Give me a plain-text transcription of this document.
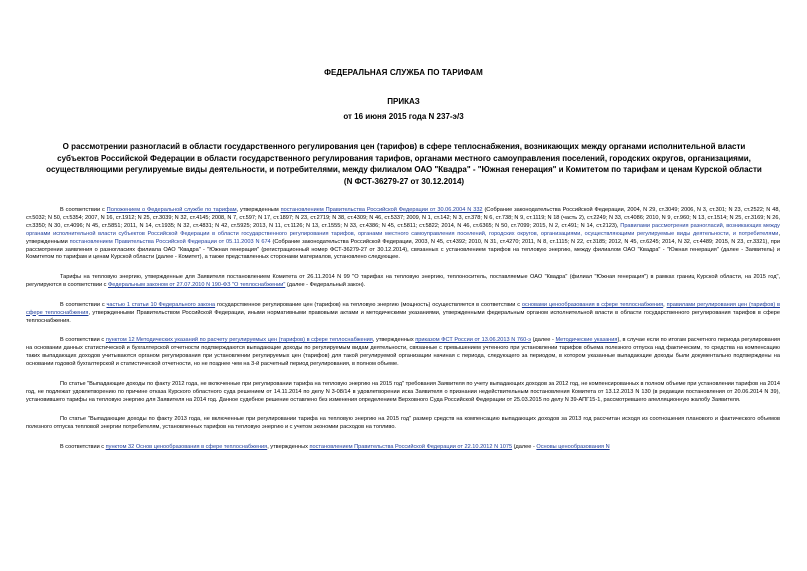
ФЕДЕРАЛЬНАЯ СЛУЖБА ПО ТАРИФАМ
ПРИКАЗ
от 16 июня 2015 года N 237-э/3
О рассмотрении разногласий в области государственного регулирования цен (тарифов) в сфере теплоснабжения, возникающих между органами исполнительной власти субъектов Российской Федерации в области государственного регулирования тарифов, органами местного самоуправления поселений, городских округов, организациями, осуществляющими регулируемые виды деятельности, и потребителями, между филиалом ОАО "Квадра" - "Южная генерация" и Комитетом по тарифам и ценам Курской области (N ФСТ-36279-27 от 30.12.2014)

В соответствии с Положением о Федеральной службе по тарифам, утвержденным постановлением Правительства Российской Федерации от 30.06.2004 N 332 (Собрание законодательства Российской Федерации, 2004, N 29, ст.3049; 2006, N 3, ст.301; N 23, ст.2522; N 48, ст.5032; N 50, ст.5354; 2007, N 16, ст.1912; N 25, ст.3039; N 32, ст.4145; 2008, N 7, ст.597; N 17, ст.1897; N 23, ст.2719; N 38, ст.4309; N 46, ст.5337; 2009, N 1, ст.142; N 3, ст.378; N 6, ст.738; N 9, ст.1119; N 18 (часть 2), ст.2249; N 33, ст.4086; 2010, N 9, ст.960; N 13, ст.1514; N 25, ст.3169; N 26, ст.3350; N 30, ст.4096; N 45, ст.5851; 2011, N 14, ст.1935; N 32, ст.4831; N 42, ст.5925; 2013, N 11, ст.1126; N 13, ст.1555; N 33, ст.4386; N 45, ст.5811; ст.5822; 2014, N 46, ст.6365; N 50, ст.7099; 2015, N 2, ст.491; N 14, ст.2123), Правилами рассмотрения разногласий, возникающих между органами исполнительной власти субъектов Российской Федерации в области государственного регулирования тарифов, органами местного самоуправления поселений, городских округов, организациями, осуществляющими регулируемые виды деятельности, и потребителями, утвержденными постановлением Правительства Российской Федерации от 05.11.2003 N 674 (Собрание законодательства Российской Федерации, 2003, N 45, ст.4392; 2010, N 31, ст.4270; 2011, N 8, ст.1115; N 22, ст.3185; 2012, N 45, ст.6245; 2014, N 32, ст.4489; 2015, N 23, ст.3321), при рассмотрении заявления о разногласиях филиала ОАО "Квадра" - "Южная генерация" (регистрационный номер ФСТ-36279-27 от 30.12.2014), связанных с установлением тарифов на тепловую энергию, между филиалом ОАО "Квадра" - "Южная генерация" (далее - Заявитель) и Комитетом по тарифам и ценам Курской области (далее - Комитет), а также представленных сторонами материалов, установлено следующее.

Тарифы на тепловую энергию, утвержденные для Заявителя постановлением Комитета от 26.11.2014 N 99 "О тарифах на тепловую энергию, теплоноситель, поставляемые ОАО "Квадра" (филиал "Южная генерация") в рамках границ Курской области, на 2015 год", регулируются в соответствии с Федеральным законом от 27.07.2010 N 190-ФЗ "О теплоснабжении" (далее - Федеральный закон).

В соответствии с частью 1 статьи 10 Федерального закона государственное регулирование цен (тарифов) на тепловую энергию (мощность) осуществляется в соответствии с основами ценообразования в сфере теплоснабжения, правилами регулирования цен (тарифов) в сфере теплоснабжения, утвержденными Правительством Российской Федерации, иными нормативными правовыми актами и методическими указаниями, утвержденными федеральным органом исполнительной власти в области государственного регулирования тарифов в сфере теплоснабжения.

В соответствии с пунктом 12 Методических указаний по расчету регулируемых цен (тарифов) в сфере теплоснабжения, утвержденных приказом ФСТ России от 13.06.2013 N 760-э (далее - Методические указания), в случае если по итогам расчетного периода регулирования на основании данных статистической и бухгалтерской отчетности подтверждаются выпадающие доходы по регулируемым видам деятельности, связанные с превышением учтенного при установлении тарифов объема полезного отпуска над фактическим, то средства на компенсацию таких выпадающих доходов учитываются органом регулирования при установлении регулируемых цен (тарифов) для такой регулируемой организации начиная с периода, следующего за периодом, в котором указанные выпадающие доходы были документально подтверждены на основании годовой бухгалтерской и статистической отчетности, но не позднее чем на 3-й расчетный период регулирования, в полном объеме.

По статье "Выпадающие доходы по факту 2012 года, не включенные при регулировании тарифа на тепловую энергию на 2015 год" требования Заявителя по учету выпадающих доходов за 2012 год, не компенсированных в полном объеме при установлении тарифов на 2014 год, не подлежат удовлетворению по причине отказа Курского областного суда решением от 14.11.2014 по делу N 3-08/14 в удовлетворении иска Заявителя о признании недействительным постановления Комитета от 13.12.2013 N 130 (в редакции постановления от 20.06.2014 N 39), установившего тарифы на тепловую энергию для Заявителя на 2014 год. Данное судебное решение оставлено без изменения определением Верховного Суда Российской Федерации от 25.03.2015 по делу N 39-АПГ15-1, рассмотревшего апелляционную жалобу Заявителя.

По статье "Выпадающие доходы по факту 2013 года, не включенные при регулировании тарифа на тепловую энергию на 2015 год" размер средств на компенсацию выпадающих доходов за 2013 год рассчитан исходя из соотношения планового и фактического объемов полезного отпуска тепловой энергии потребителям, установленных тарифов на тепловую энергию и с учетом экономии расходов на топливо.

В соответствии с пунктом 32 Основ ценообразования в сфере теплоснабжения, утвержденных постановлением Правительства Российской Федерации от 22.10.2012 N 1075 (далее - Основы ценообразования N
